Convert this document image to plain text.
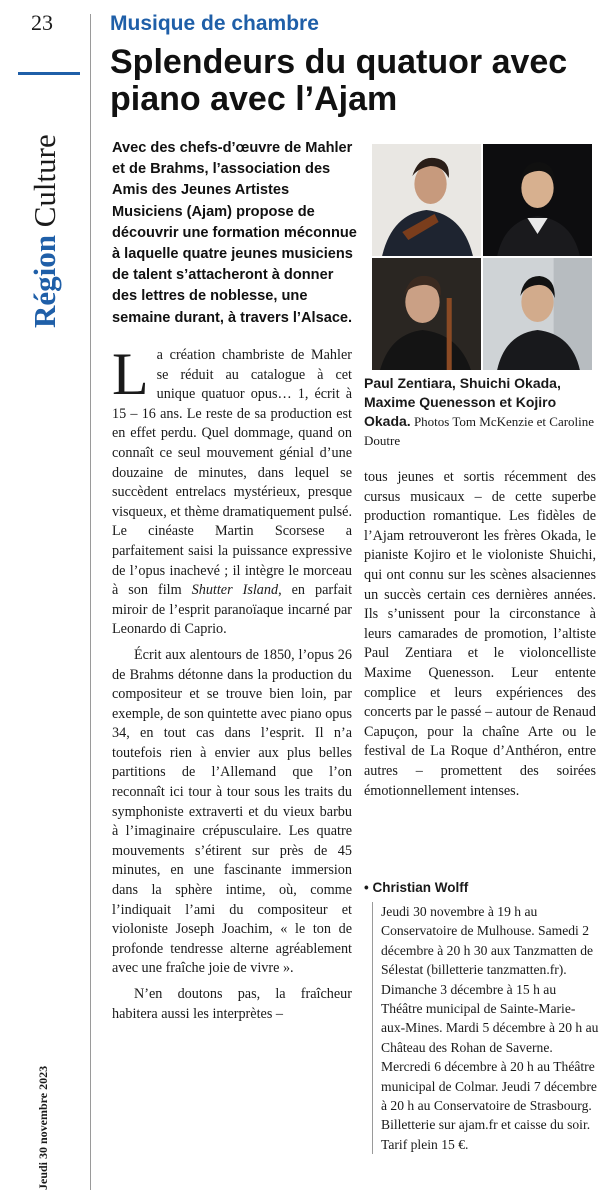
23
Région Culture
Jeudi 30 novembre 2023
Musique de chambre
Splendeurs du quatuor avec piano avec l’Ajam
Avec des chefs-d’œuvre de Mahler et de Brahms, l’association des Amis des Jeunes Artistes Musiciens (Ajam) propose de découvrir une formation méconnue à laquelle quatre jeunes musiciens de talent s’attacheront à donner des lettres de noblesse, une semaine durant, à travers l’Alsace.
Paul Zentiara, Shuichi Okada, Maxime Quenesson et Kojiro Okada. Photos Tom McKenzie et Caroline Doutre

La création chambriste de Mahler se réduit au catalogue à cet unique quatuor opus… 1, écrit à 15 – 16 ans. Le reste de sa production est en effet perdu. Quel dommage, quand on connaît ce seul mouvement génial d’une douzaine de minutes, dans lequel se succèdent entrelacs mystérieux, presque visqueux, et thème dramatiquement pulsé. Le cinéaste Martin Scorsese a parfaitement saisi la puissance expressive de l’opus inachevé ; il intègre le morceau à son film Shutter Island, en parfait miroir de l’esprit paranoïaque incarné par Leonardo di Caprio.

Écrit aux alentours de 1850, l’opus 26 de Brahms détonne dans la production du compositeur et se trouve bien loin, par exemple, de son quintette avec piano opus 34, en tout cas dans l’esprit. Il n’a toutefois rien à envier aux plus belles partitions de l’Allemand que l’on reconnaît ici tour à tour sous les traits du symphoniste extraverti et du vieux barbu à l’imaginaire crépusculaire. Les quatre mouvements s’étirent sur près de 45 minutes, en une fascinante immersion dans la sphère intime, où, comme l’indiquait l’ami du compositeur et violoniste Joseph Joachim, « le ton de profonde tendresse alterne agréablement avec une fraîche joie de vivre ».

N’en doutons pas, la fraîcheur habitera aussi les interprètes –

tous jeunes et sortis récemment des cursus musicaux – de cette superbe production romantique. Les fidèles de l’Ajam retrouveront les frères Okada, le pianiste Kojiro et le violoniste Shuichi, qui ont connu sur les scènes alsaciennes un succès certain ces dernières années. Ils s’unissent pour la circonstance à leurs camarades de promotion, l’altiste Paul Zentiara et le violoncelliste Maxime Quenesson. Leur entente complice et leurs expériences des concerts par le passé – autour de Renaud Capuçon, pour la chaîne Arte ou le festival de La Roque d’Anthéron, entre autres – promettent des soirées émotionnellement intenses.

• Christian Wolff
Jeudi 30 novembre à 19 h au Conservatoire de Mulhouse. Samedi 2 décembre à 20 h 30 aux Tanzmatten de Sélestat (billetterie tanzmatten.fr). Dimanche 3 décembre à 15 h au Théâtre municipal de Sainte-Marie-aux-Mines. Mardi 5 décembre à 20 h au Château des Rohan de Saverne. Mercredi 6 décembre à 20 h au Théâtre municipal de Colmar. Jeudi 7 décembre à 20 h au Conservatoire de Strasbourg. Billetterie sur ajam.fr et caisse du soir. Tarif plein 15 €.
